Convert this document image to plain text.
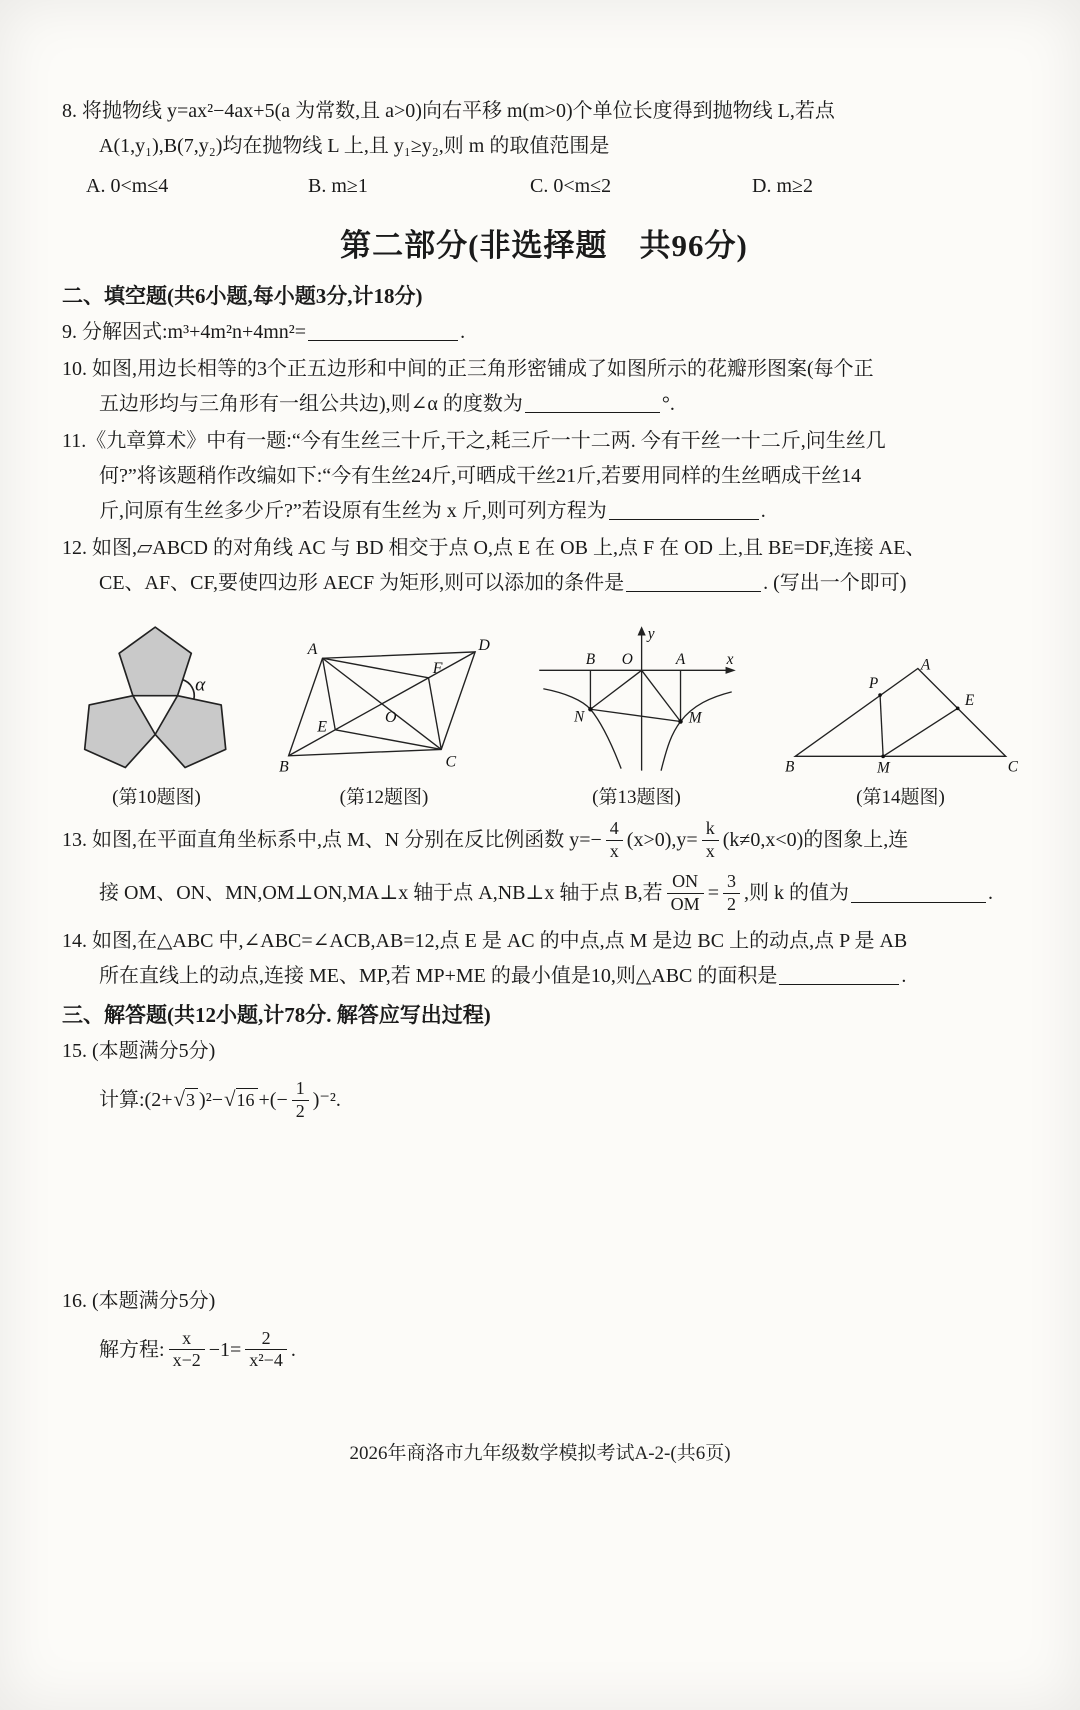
8. 将抛物线 y=ax²−4ax+5(a 为常数,且 a>0)向右平移 m(m>0)个单位长度得到抛物线 L,若点
A(1,y₁),B(7,y₂)均在抛物线 L 上,且 y₁≥y₂,则 m 的取值范围是
A. 0<m≤4	B. m≥1	C. 0<m≤2	D. m≥2
第二部分(非选择题　共96分)
二、填空题(共6小题,每小题3分,计18分)
9. 分解因式:m³+4m²n+4mn²=	.
10. 如图,用边长相等的3个正五边形和中间的正三角形密铺成了如图所示的花瓣形图案(每个正
五边形均与三角形有一组公共边),则∠α 的度数为	°.
11.《九章算术》中有一题:“今有生丝三十斤,干之,耗三斤一十二两. 今有干丝一十二斤,问生丝几
何?”将该题稍作改编如下:“今有生丝24斤,可晒成干丝21斤,若要用同样的生丝晒成干丝14
斤,问原有生丝多少斤?”若设原有生丝为 x 斤,则可列方程为	.
12. 如图,▱ABCD 的对角线 AC 与 BD 相交于点 O,点 E 在 OB 上,点 F 在 OD 上,且 BE=DF,连接 AE、
CE、AF、CF,要使四边形 AECF 为矩形,则可以添加的条件是	. (写出一个即可)
α
(第10题图)
A
B	C
D
O
E
F
(第12题图)
y
x
O
B	A
M
N
(第13题图)
A
B	C
P
E
M
(第14题图)
13. 如图,在平面直角坐标系中,点 M、N 分别在反比例函数 $y=- \frac{4}{x} (x>0),y= \frac{k}{x} (k\ne 0,x<0)$的图象上,连
接 OM、ON、MN,OM⊥ON,MA⊥x 轴于点 A,NB⊥x 轴于点 B,若 $\frac{ON}{OM} = \frac{3}{2}$ ,则 k 的值为	.
14. 如图,在△ABC 中,∠ABC=∠ACB,AB=12,点 E 是 AC 的中点,点 M 是边 BC 上的动点,点 P 是 AB
所在直线上的动点,连接 ME、MP,若 MP+ME 的最小值是10,则△ABC 的面积是	.
三、解答题(共12小题,计78分. 解答应写出过程)
15. (本题满分5分)
计算:(2+ √ 3 )²− √ 16 +(− $\frac{1}{2} )^{-2}$.
16. (本题满分5分)
解方程: $\frac{x}{x-2} -1= \frac{2}{\text{x²−4}}$ .
2026年商洛市九年级数学模拟考试A-2-(共6页)
